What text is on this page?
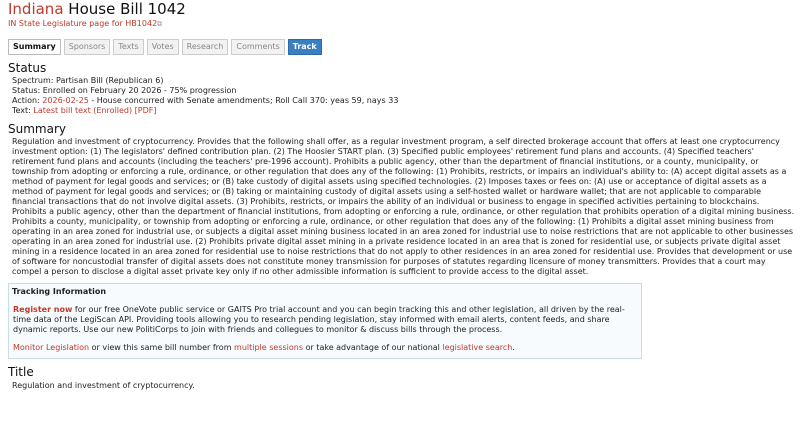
Indiana House Bill 1042
IN State Legislature page for HB1042⧉
Summary	Sponsors	Texts	Votes	Research	Comments	Track
Status
Spectrum: Partisan Bill (Republican 6)
Status: Enrolled on February 20 2026 - 75% progression
Action: 2026-02-25 - House concurred with Senate amendments; Roll Call 370: yeas 59, nays 33
Text: Latest bill text (Enrolled) [PDF]
Summary
Regulation and investment of cryptocurrency. Provides that the following shall offer, as a regular investment program, a self directed brokerage account that offers at least one cryptocurrency investment option: (1) The legislators' defined contribution plan. (2) The Hoosier START plan. (3) Specified public employees' retirement fund plans and accounts. (4) Specified teachers' retirement fund plans and accounts (including the teachers' pre-1996 account). Prohibits a public agency, other than the department of financial institutions, or a county, municipality, or township from adopting or enforcing a rule, ordinance, or other regulation that does any of the following: (1) Prohibits, restricts, or impairs an individual's ability to: (A) accept digital assets as a method of payment for legal goods and services; or (B) take custody of digital assets using specified technologies. (2) Imposes taxes or fees on: (A) use or acceptance of digital assets as a method of payment for legal goods and services; or (B) taking or maintaining custody of digital assets using a self-hosted wallet or hardware wallet; that are not applicable to comparable financial transactions that do not involve digital assets. (3) Prohibits, restricts, or impairs the ability of an individual or business to engage in specified activities pertaining to blockchains. Prohibits a public agency, other than the department of financial institutions, from adopting or enforcing a rule, ordinance, or other regulation that prohibits operation of a digital mining business. Prohibits a county, municipality, or township from adopting or enforcing a rule, ordinance, or other regulation that does any of the following: (1) Prohibits a digital asset mining business from operating in an area zoned for industrial use, or subjects a digital asset mining business located in an area zoned for industrial use to noise restrictions that are not applicable to other businesses operating in an area zoned for industrial use. (2) Prohibits private digital asset mining in a private residence located in an area that is zoned for residential use, or subjects private digital asset mining in a residence located in an area zoned for residential use to noise restrictions that do not apply to other residences in an area zoned for residential use. Provides that development or use of software for noncustodial transfer of digital assets does not constitute money transmission for purposes of statutes regarding licensure of money transmitters. Provides that a court may compel a person to disclose a digital asset private key only if no other admissible information is sufficient to provide access to the digital asset.
Tracking Information

Register now for our free OneVote public service or GAITS Pro trial account and you can begin tracking this and other legislation, all driven by the real-time data of the LegiScan API. Providing tools allowing you to research pending legislation, stay informed with email alerts, content feeds, and share dynamic reports. Use our new PolitiCorps to join with friends and collegues to monitor & discuss bills through the process.

Monitor Legislation or view this same bill number from multiple sessions or take advantage of our national legislative search.

Title
Regulation and investment of cryptocurrency.
